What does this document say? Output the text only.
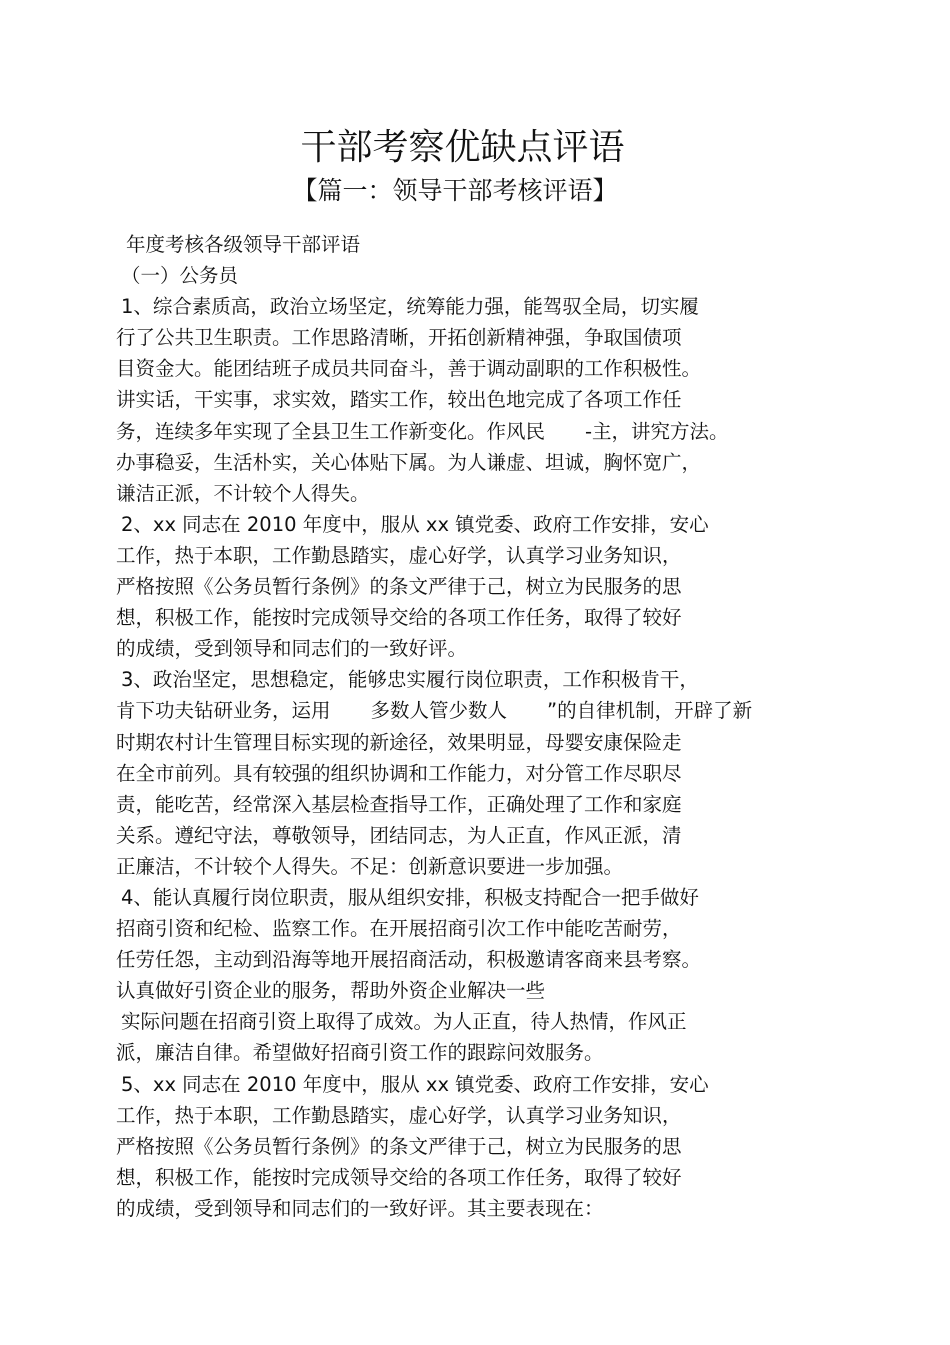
干部考察优缺点评语
【篇一：领导干部考核评语】
年度考核各级领导干部评语
（一）公务员
1、综合素质高，政治立场坚定，统筹能力强，能驾驭全局，切实履
行了公共卫生职责。工作思路清晰，开拓创新精神强，争取国债项
目资金大。能团结班子成员共同奋斗，善于调动副职的工作积极性。
讲实话，干实事，求实效，踏实工作，较出色地完成了各项工作任
务，连续多年实现了全县卫生工作新变化。作风民 -主，讲究方法。
办事稳妥，生活朴实，关心体贴下属。为人谦虚、坦诚，胸怀宽广，
谦洁正派，不计较个人得失。
2、xx 同志在 2010 年度中，服从 xx 镇党委、政府工作安排，安心
工作，热于本职，工作勤恳踏实，虚心好学，认真学习业务知识，
严格按照《公务员暂行条例》的条文严律于己，树立为民服务的思
想，积极工作，能按时完成领导交给的各项工作任务，取得了较好
的成绩，受到领导和同志们的一致好评。
3、政治坚定，思想稳定，能够忠实履行岗位职责，工作积极肯干，
肯下功夫钻研业务，运用 多数人管少数人 ”的自律机制，开辟了新
时期农村计生管理目标实现的新途径，效果明显，母婴安康保险走
在全市前列。具有较强的组织协调和工作能力，对分管工作尽职尽
责，能吃苦，经常深入基层检查指导工作，正确处理了工作和家庭
关系。遵纪守法，尊敬领导，团结同志，为人正直，作风正派，清
正廉洁，不计较个人得失。不足：创新意识要进一步加强。
4、能认真履行岗位职责，服从组织安排，积极支持配合一把手做好
招商引资和纪检、监察工作。在开展招商引次工作中能吃苦耐劳，
任劳任怨，主动到沿海等地开展招商活动，积极邀请客商来县考察。
认真做好引资企业的服务，帮助外资企业解决一些
实际问题在招商引资上取得了成效。为人正直，待人热情，作风正
派，廉洁自律。希望做好招商引资工作的跟踪问效服务。
5、xx 同志在 2010 年度中，服从 xx 镇党委、政府工作安排，安心
工作，热于本职，工作勤恳踏实，虚心好学，认真学习业务知识，
严格按照《公务员暂行条例》的条文严律于己，树立为民服务的思
想，积极工作，能按时完成领导交给的各项工作任务，取得了较好
的成绩，受到领导和同志们的一致好评。其主要表现在：
